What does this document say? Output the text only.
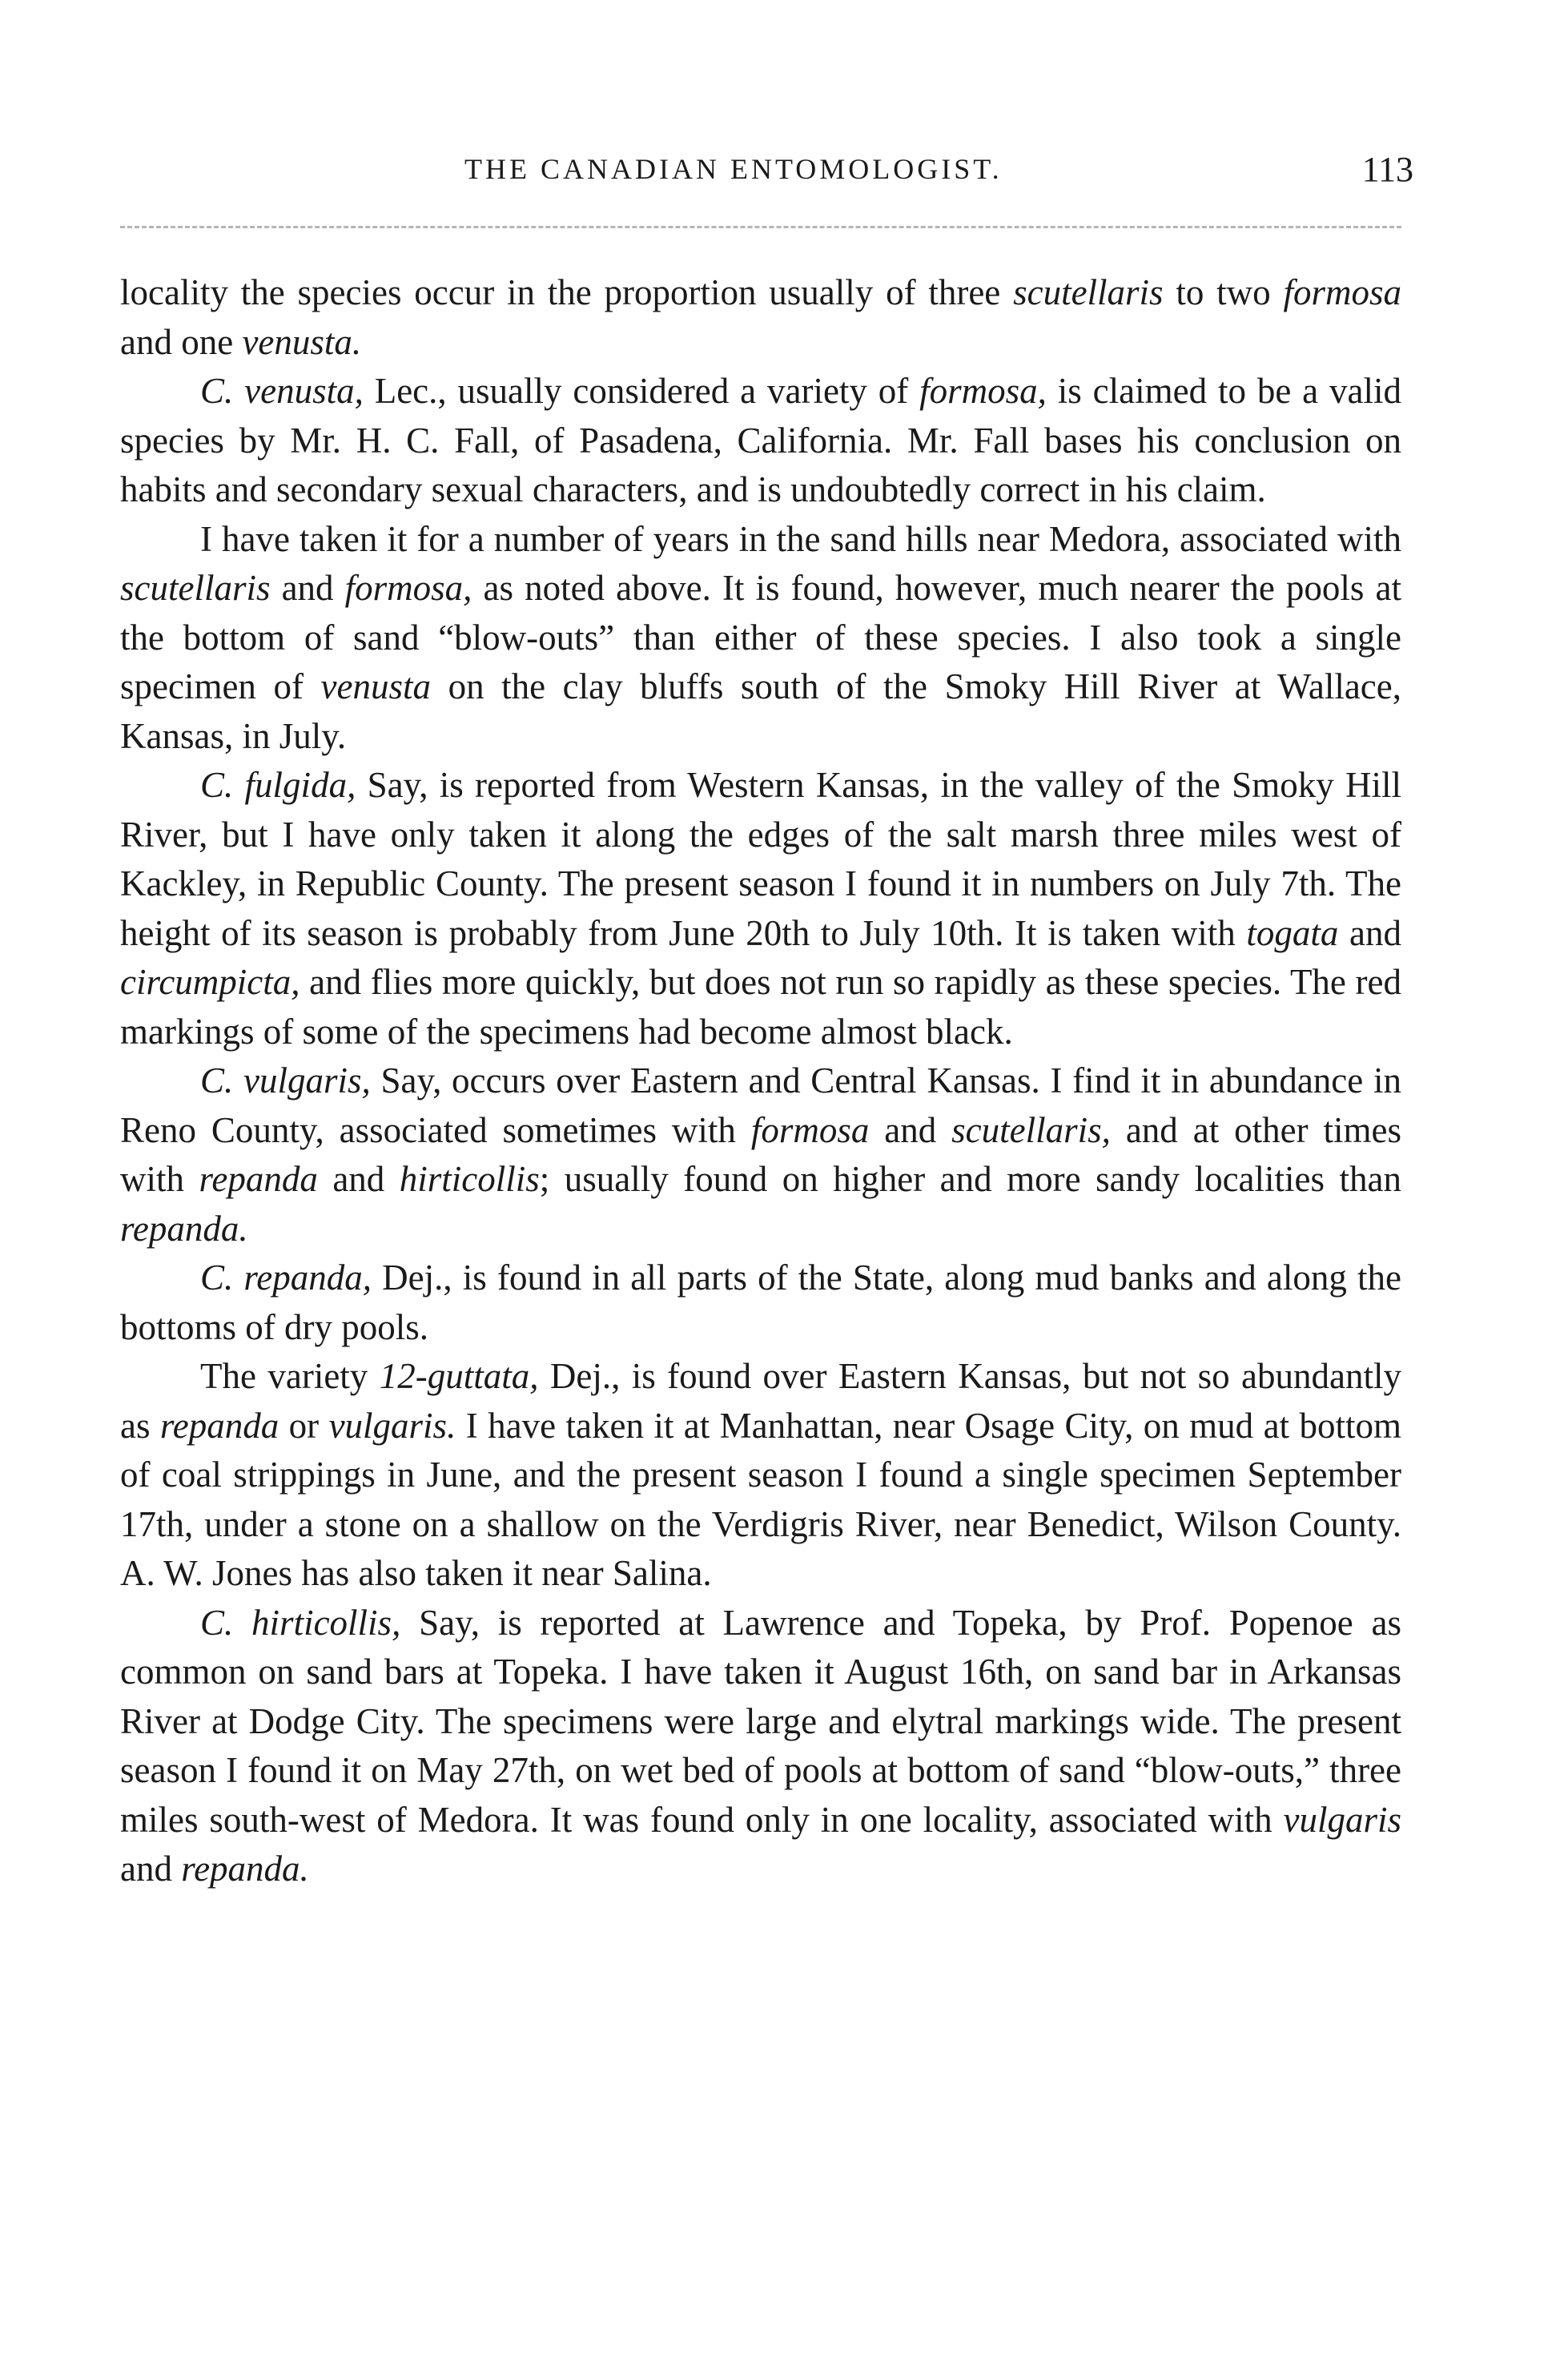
THE CANADIAN ENTOMOLOGIST.	113

locality the species occur in the proportion usually of three scutellaris to two formosa and one venusta.

C. venusta, Lec., usually considered a variety of formosa, is claimed to be a valid species by Mr. H. C. Fall, of Pasadena, California. Mr. Fall bases his conclusion on habits and secondary sexual characters, and is undoubtedly correct in his claim.

I have taken it for a number of years in the sand hills near Medora, associated with scutellaris and formosa, as noted above. It is found, however, much nearer the pools at the bottom of sand “blow-outs” than either of these species. I also took a single specimen of venusta on the clay bluffs south of the Smoky Hill River at Wallace, Kansas, in July.

C. fulgida, Say, is reported from Western Kansas, in the valley of the Smoky Hill River, but I have only taken it along the edges of the salt marsh three miles west of Kackley, in Republic County. The present season I found it in numbers on July 7th. The height of its season is probably from June 20th to July 10th. It is taken with togata and circumpicta, and flies more quickly, but does not run so rapidly as these species. The red markings of some of the specimens had become almost black.

C. vulgaris, Say, occurs over Eastern and Central Kansas. I find it in abundance in Reno County, associated sometimes with formosa and scutellaris, and at other times with repanda and hirticollis; usually found on higher and more sandy localities than repanda.

C. repanda, Dej., is found in all parts of the State, along mud banks and along the bottoms of dry pools.

The variety 12-guttata, Dej., is found over Eastern Kansas, but not so abundantly as repanda or vulgaris. I have taken it at Manhattan, near Osage City, on mud at bottom of coal strippings in June, and the present season I found a single specimen September 17th, under a stone on a shallow on the Verdigris River, near Benedict, Wilson County. A. W. Jones has also taken it near Salina.

C. hirticollis, Say, is reported at Lawrence and Topeka, by Prof. Popenoe as common on sand bars at Topeka. I have taken it August 16th, on sand bar in Arkansas River at Dodge City. The specimens were large and elytral markings wide. The present season I found it on May 27th, on wet bed of pools at bottom of sand “blow-outs,” three miles south-west of Medora. It was found only in one locality, associated with vulgaris and repanda.
